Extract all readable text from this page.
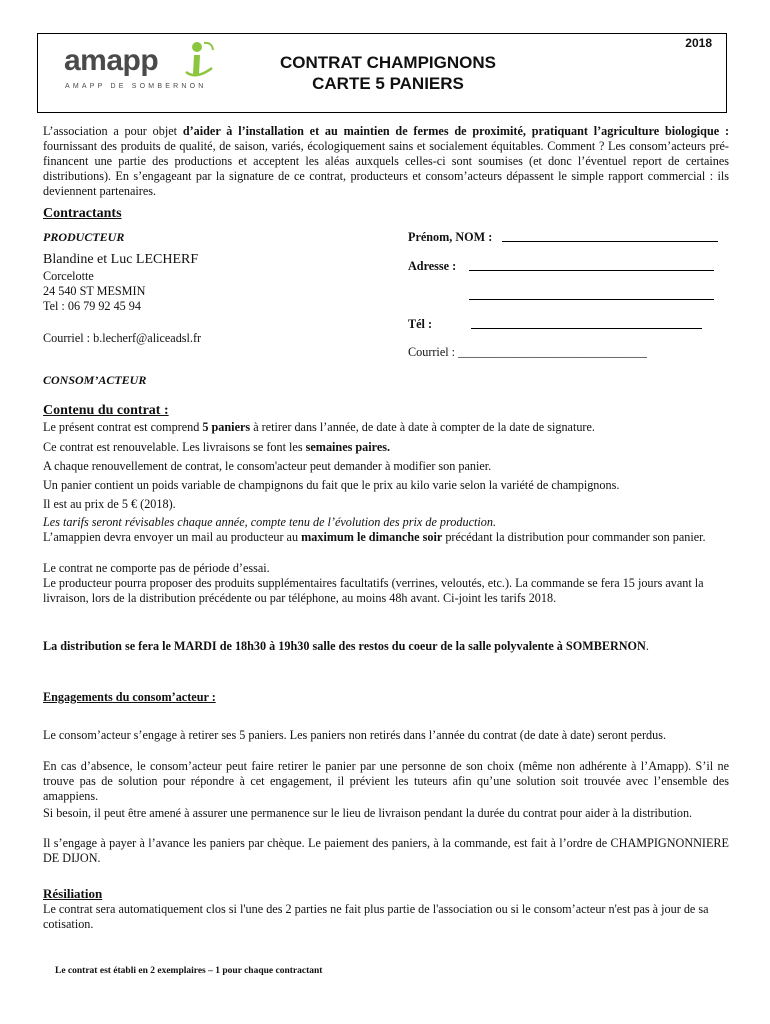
2018
amapp
AMAPP DE SOMBERNON
CONTRAT CHAMPIGNONS
CARTE 5 PANIERS
L’association a pour objet d’aider à l’installation et au maintien de fermes de proximité, pratiquant l’agriculture biologique : fournissant des produits de qualité, de saison, variés, écologiquement sains et socialement équitables. Comment ? Les consom’acteurs pré-financent une partie des productions et acceptent les aléas auxquels celles-ci sont soumises (et donc l’éventuel report de certaines distributions). En s’engageant par la signature de ce contrat, producteurs et consom’acteurs dépassent le simple rapport commercial : ils deviennent partenaires.
Contractants
PRODUCTEUR
Blandine et Luc LECHERF
Corcelotte
24 540 ST MESMIN
Tel : 06 79 92 45 94
Courriel : b.lecherf@aliceadsl.fr
Prénom, NOM :
Adresse :
Tél :
Courriel : _______________________________
CONSOM’ACTEUR
Contenu du contrat :
Le présent contrat est comprend 5 paniers à retirer dans l’année, de date à date à compter de la date de signature.
Ce contrat est renouvelable. Les livraisons se font les semaines paires.
A chaque renouvellement de contrat, le consom'acteur peut demander à modifier son panier.
Un panier contient un poids variable de champignons du fait que le prix au kilo varie selon la variété de champignons.
Il est au prix de 5 € (2018).
Les tarifs seront révisables chaque année, compte tenu de l’évolution des prix de production.
L’amappien devra envoyer un mail au producteur au maximum le dimanche soir précédant la distribution pour commander son panier.
Le contrat ne comporte pas de période d’essai.
Le producteur pourra proposer des produits supplémentaires facultatifs (verrines, veloutés, etc.). La commande se fera 15 jours avant la livraison, lors de la distribution précédente ou par téléphone, au moins 48h avant. Ci-joint les tarifs 2018.
La distribution se fera le MARDI de 18h30 à 19h30 salle des restos du coeur de la salle polyvalente à SOMBERNON.
Engagements du consom’acteur :
Le consom’acteur s’engage à retirer ses 5 paniers. Les paniers non retirés dans l’année du contrat (de date à date) seront perdus.
En cas d’absence, le consom’acteur peut faire retirer le panier par une personne de son choix (même non adhérente à l’Amapp). S’il ne trouve pas de solution pour répondre à cet engagement, il prévient les tuteurs afin qu’une solution soit trouvée avec l’ensemble des amappiens.
Si besoin, il peut être amené à assurer une permanence sur le lieu de livraison pendant la durée du contrat pour aider à la distribution.
Il s’engage à payer à l’avance les paniers par chèque. Le paiement des paniers, à la commande, est fait à l’ordre de CHAMPIGNONNIERE DE DIJON.
Résiliation
Le contrat sera automatiquement clos si l'une des 2 parties ne fait plus partie de l'association ou si le consom’acteur n'est pas à jour de sa cotisation.
Le contrat est établi en 2 exemplaires – 1 pour chaque contractant
